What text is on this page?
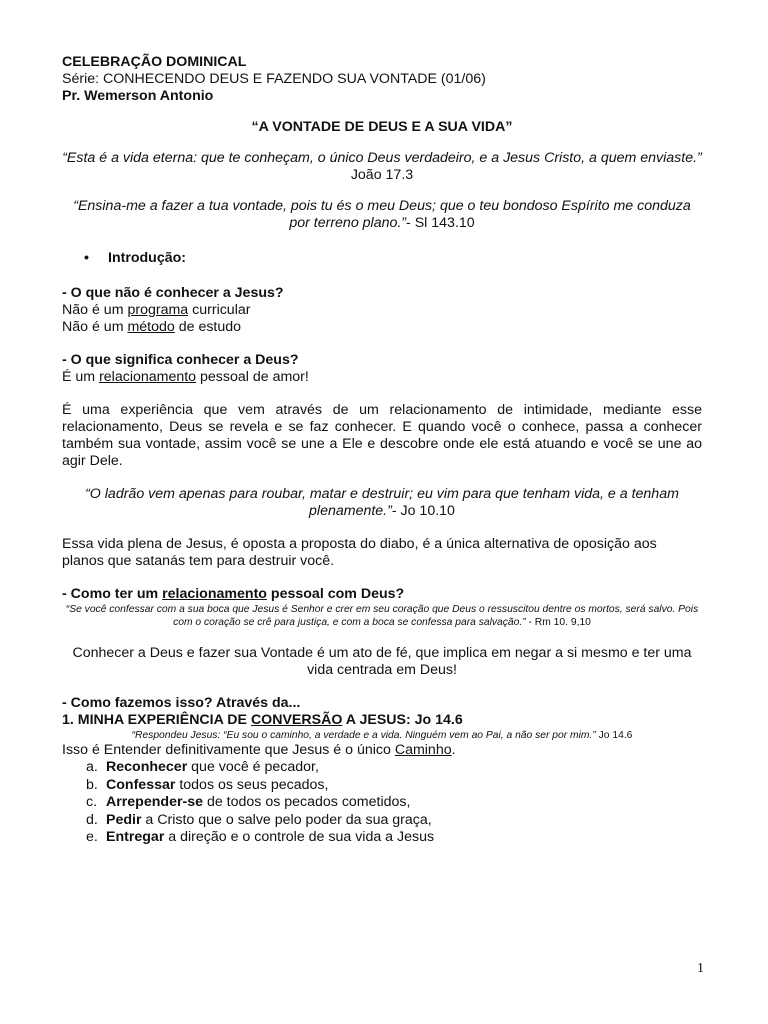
CELEBRAÇÃO DOMINICAL

Série: CONHECENDO DEUS E FAZENDO SUA VONTADE (01/06)

Pr. Wemerson Antonio

“A VONTADE DE DEUS E A SUA VIDA”

“Esta é a vida eterna: que te conheçam, o único Deus verdadeiro, e a Jesus Cristo, a quem enviaste.” João 17.3

“Ensina-me a fazer a tua vontade, pois tu és o meu Deus; que o teu bondoso Espírito me conduza por terreno plano.”- Sl 143.10

•	Introdução:

- O que não é conhecer a Jesus?

Não é um programa curricular

Não é um método de estudo

- O que significa conhecer a Deus?

É um relacionamento pessoal de amor!

É uma experiência que vem através de um relacionamento de intimidade, mediante esse relacionamento, Deus se revela e se faz conhecer. E quando você o conhece, passa a conhecer também sua vontade, assim você se une a Ele e descobre onde ele está atuando e você se une ao agir Dele.

“O ladrão vem apenas para roubar, matar e destruir; eu vim para que tenham vida, e a tenham plenamente.”- Jo 10.10

Essa vida plena de Jesus, é oposta a proposta do diabo, é a única alternativa de oposição aos planos que satanás tem para destruir você.

- Como ter um relacionamento pessoal com Deus?

“Se você confessar com a sua boca que Jesus é Senhor e crer em seu coração que Deus o ressuscitou dentre os mortos, será salvo. Pois com o coração se crê para justiça, e com a boca se confessa para salvação.” - Rm 10. 9,10

Conhecer a Deus e fazer sua Vontade é um ato de fé, que implica em negar a si mesmo e ter uma vida centrada em Deus!

- Como fazemos isso? Através da...

1. MINHA EXPERIÊNCIA DE CONVERSÃO A JESUS: Jo 14.6

“Respondeu Jesus: “Eu sou o caminho, a verdade e a vida. Ninguém vem ao Pai, a não ser por mim.” Jo 14.6

Isso é Entender definitivamente que Jesus é o único Caminho.

a. Reconhecer que você é pecador,
b. Confessar todos os seus pecados,
c. Arrepender-se de todos os pecados cometidos,
d. Pedir a Cristo que o salve pelo poder da sua graça,
e. Entregar a direção e o controle de sua vida a Jesus
1
